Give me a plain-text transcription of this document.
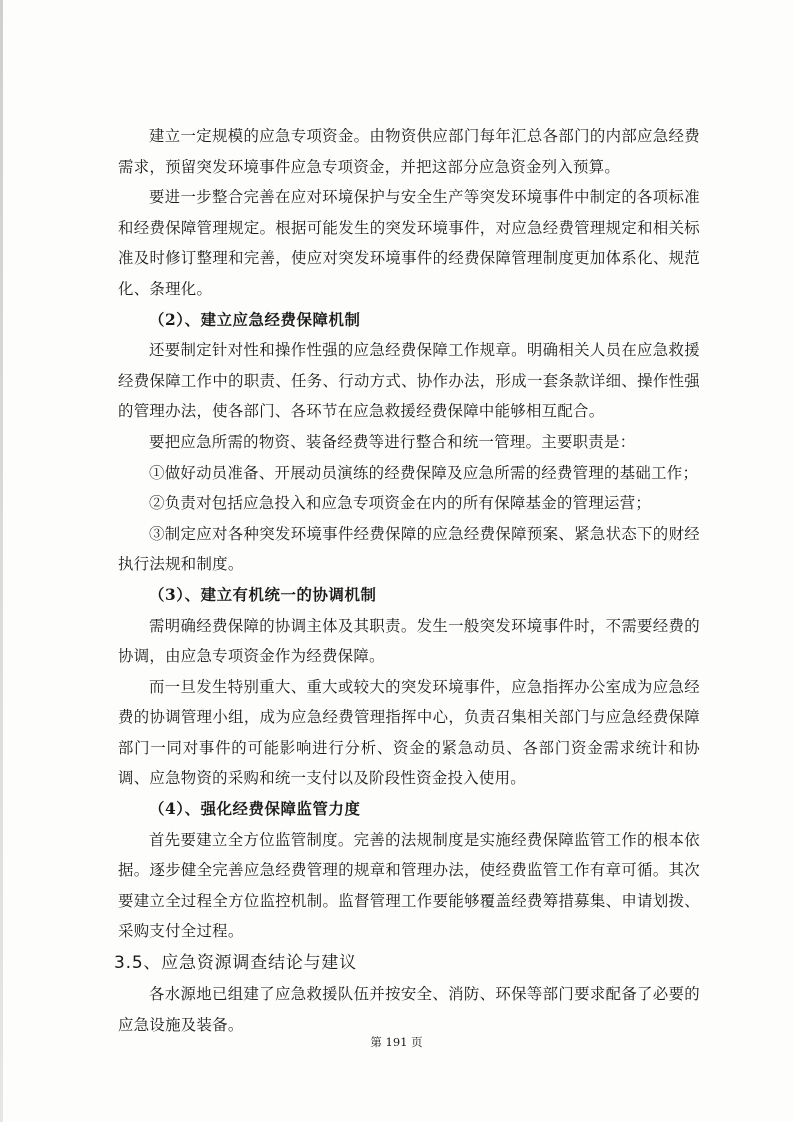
建立一定规模的应急专项资金。由物资供应部门每年汇总各部门的内部应急经费需求，预留突发环境事件应急专项资金，并把这部分应急资金列入预算。

要进一步整合完善在应对环境保护与安全生产等突发环境事件中制定的各项标准和经费保障管理规定。根据可能发生的突发环境事件，对应急经费管理规定和相关标准及时修订整理和完善，使应对突发环境事件的经费保障管理制度更加体系化、规范化、条理化。

（2）、建立应急经费保障机制

还要制定针对性和操作性强的应急经费保障工作规章。明确相关人员在应急救援经费保障工作中的职责、任务、行动方式、协作办法，形成一套条款详细、操作性强的管理办法，使各部门、各环节在应急救援经费保障中能够相互配合。

要把应急所需的物资、装备经费等进行整合和统一管理。主要职责是：

①做好动员准备、开展动员演练的经费保障及应急所需的经费管理的基础工作；

②负责对包括应急投入和应急专项资金在内的所有保障基金的管理运营；

③制定应对各种突发环境事件经费保障的应急经费保障预案、紧急状态下的财经执行法规和制度。

（3）、建立有机统一的协调机制

需明确经费保障的协调主体及其职责。发生一般突发环境事件时，不需要经费的协调，由应急专项资金作为经费保障。

而一旦发生特别重大、重大或较大的突发环境事件，应急指挥办公室成为应急经费的协调管理小组，成为应急经费管理指挥中心，负责召集相关部门与应急经费保障部门一同对事件的可能影响进行分析、资金的紧急动员、各部门资金需求统计和协调、应急物资的采购和统一支付以及阶段性资金投入使用。

（4）、强化经费保障监管力度

首先要建立全方位监管制度。完善的法规制度是实施经费保障监管工作的根本依据。逐步健全完善应急经费管理的规章和管理办法，使经费监管工作有章可循。其次要建立全过程全方位监控机制。监督管理工作要能够覆盖经费筹措募集、申请划拨、采购支付全过程。

3.5、应急资源调查结论与建议

各水源地已组建了应急救援队伍并按安全、消防、环保等部门要求配备了必要的应急设施及装备。

第 191 页
